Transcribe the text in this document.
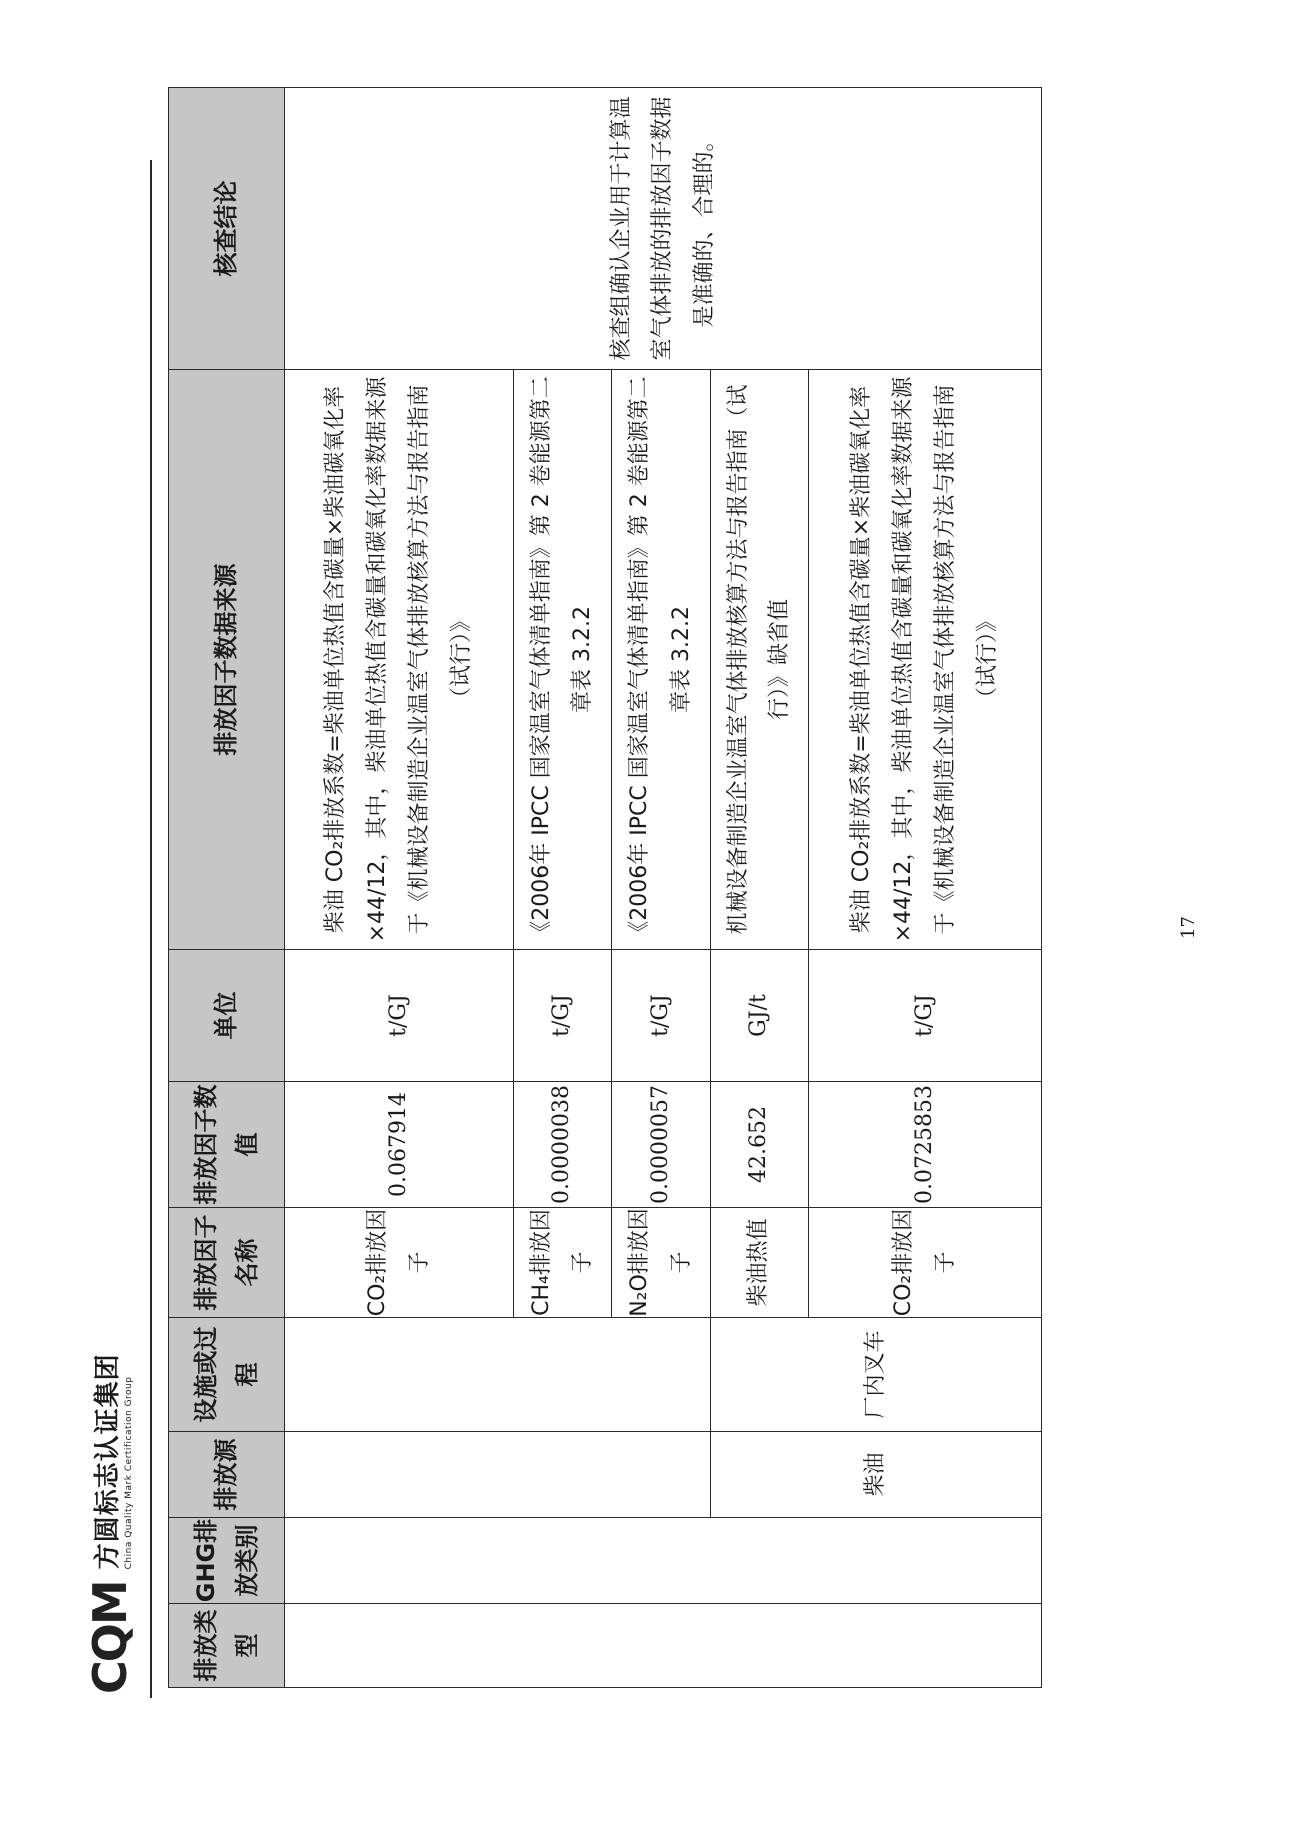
CQM
方圆标志认证集团 China Quality Mark Certification Group
排放类型	GHG排放类别	排放源	设施或过程	排放因子名称	排放因子数值	单位	排放因子数据来源	核查结论
				CO₂排放因子	0.067914	t/GJ	柴油 CO₂排放系数=柴油单位热值含碳量×柴油碳氧化率×44/12，其中，柴油单位热值含碳量和碳氧化率数据来源于《机械设备制造企业温室气体排放核算方法与报告指南（试行）》	核查组确认企业用于计算温室气体排放的排放因子数据是准确的、合理的。
				CH₄排放因子	0.0000038	t/GJ	《2006年 IPCC 国家温室气体清单指南》第 2 卷能源第二章表 3.2.2	
				N₂O排放因子	0.0000057	t/GJ	《2006年 IPCC 国家温室气体清单指南》第 2 卷能源第二章表 3.2.2	
		柴油	厂内叉车	柴油热值	42.652	GJ/t	机械设备制造企业温室气体排放核算方法与报告指南（试行）》缺省值	
				CO₂排放因子	0.0725853	t/GJ	柴油 CO₂排放系数=柴油单位热值含碳量×柴油碳氧化率×44/12，其中，柴油单位热值含碳量和碳氧化率数据来源于《机械设备制造企业温室气体排放核算方法与报告指南（试行）》	
17
